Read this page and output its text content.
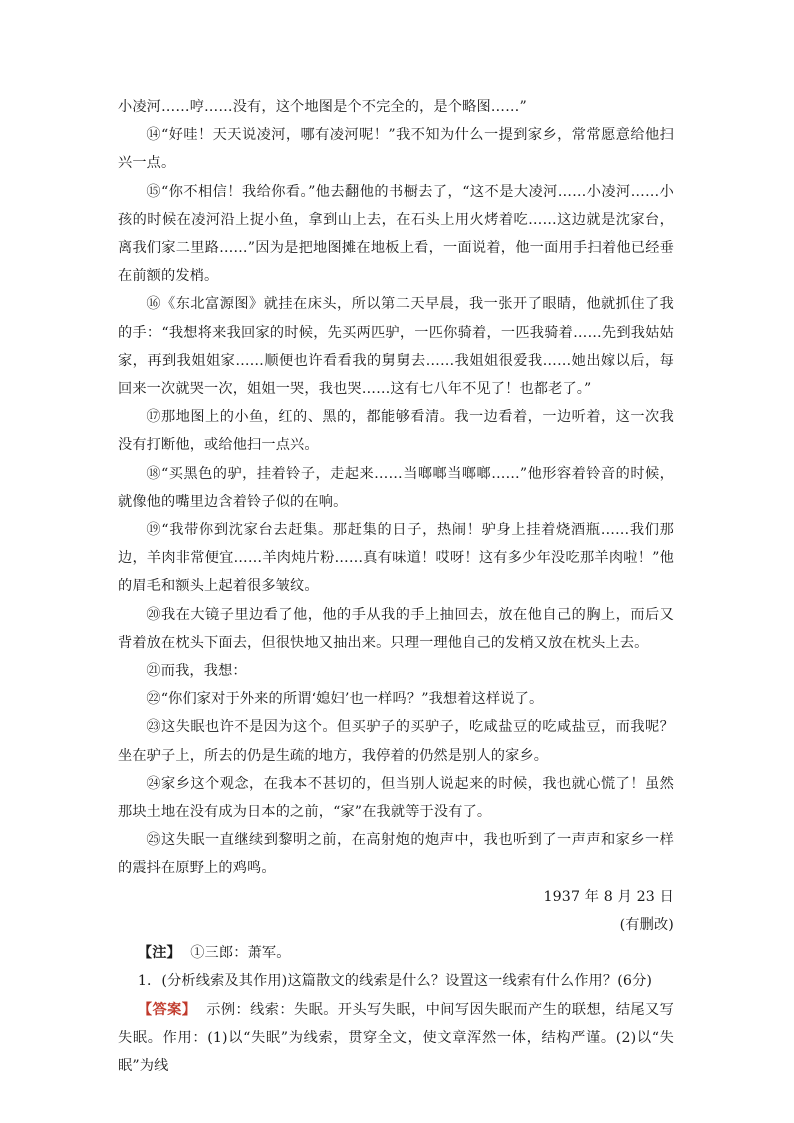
小凌河……哼……没有，这个地图是个不完全的，是个略图……”

⑭“好哇！天天说凌河，哪有凌河呢！”我不知为什么一提到家乡，常常愿意给他扫兴一点。

⑮“你不相信！我给你看。”他去翻他的书橱去了，“这不是大凌河……小凌河……小孩的时候在凌河沿上捉小鱼，拿到山上去，在石头上用火烤着吃……这边就是沈家台，离我们家二里路……”因为是把地图摊在地板上看，一面说着，他一面用手扫着他已经垂在前额的发梢。

⑯《东北富源图》就挂在床头，所以第二天早晨，我一张开了眼睛，他就抓住了我的手：“我想将来我回家的时候，先买两匹驴，一匹你骑着，一匹我骑着……先到我姑姑家，再到我姐姐家……顺便也许看看我的舅舅去……我姐姐很爱我……她出嫁以后，每回来一次就哭一次，姐姐一哭，我也哭……这有七八年不见了！也都老了。”

⑰那地图上的小鱼，红的、黑的，都能够看清。我一边看着，一边听着，这一次我没有打断他，或给他扫一点兴。

⑱“买黑色的驴，挂着铃子，走起来……当啷啷当啷啷……”他形容着铃音的时候，就像他的嘴里边含着铃子似的在响。

⑲“我带你到沈家台去赶集。那赶集的日子，热闹！驴身上挂着烧酒瓶……我们那边，羊肉非常便宜……羊肉炖片粉……真有味道！哎呀！这有多少年没吃那羊肉啦！”他的眉毛和额头上起着很多皱纹。

⑳我在大镜子里边看了他，他的手从我的手上抽回去，放在他自己的胸上，而后又背着放在枕头下面去，但很快地又抽出来。只理一理他自己的发梢又放在枕头上去。

㉑而我，我想：

㉒“你们家对于外来的所谓‘媳妇’也一样吗？”我想着这样说了。

㉓这失眠也许不是因为这个。但买驴子的买驴子，吃咸盐豆的吃咸盐豆，而我呢？坐在驴子上，所去的仍是生疏的地方，我停着的仍然是别人的家乡。

㉔家乡这个观念，在我本不甚切的，但当别人说起来的时候，我也就心慌了！虽然那块土地在没有成为日本的之前，“家”在我就等于没有了。

㉕这失眠一直继续到黎明之前，在高射炮的炮声中，我也听到了一声声和家乡一样的震抖在原野上的鸡鸣。

1937 年 8 月 23 日

(有删改)

【注】 ①三郎：萧军。

1．(分析线索及其作用)这篇散文的线索是什么？设置这一线索有什么作用？(6分)

【答案】 示例：线索：失眠。开头写失眠，中间写因失眠而产生的联想，结尾又写失眠。作用：(1)以“失眠”为线索，贯穿全文，使文章浑然一体，结构严谨。(2)以“失眠”为线
